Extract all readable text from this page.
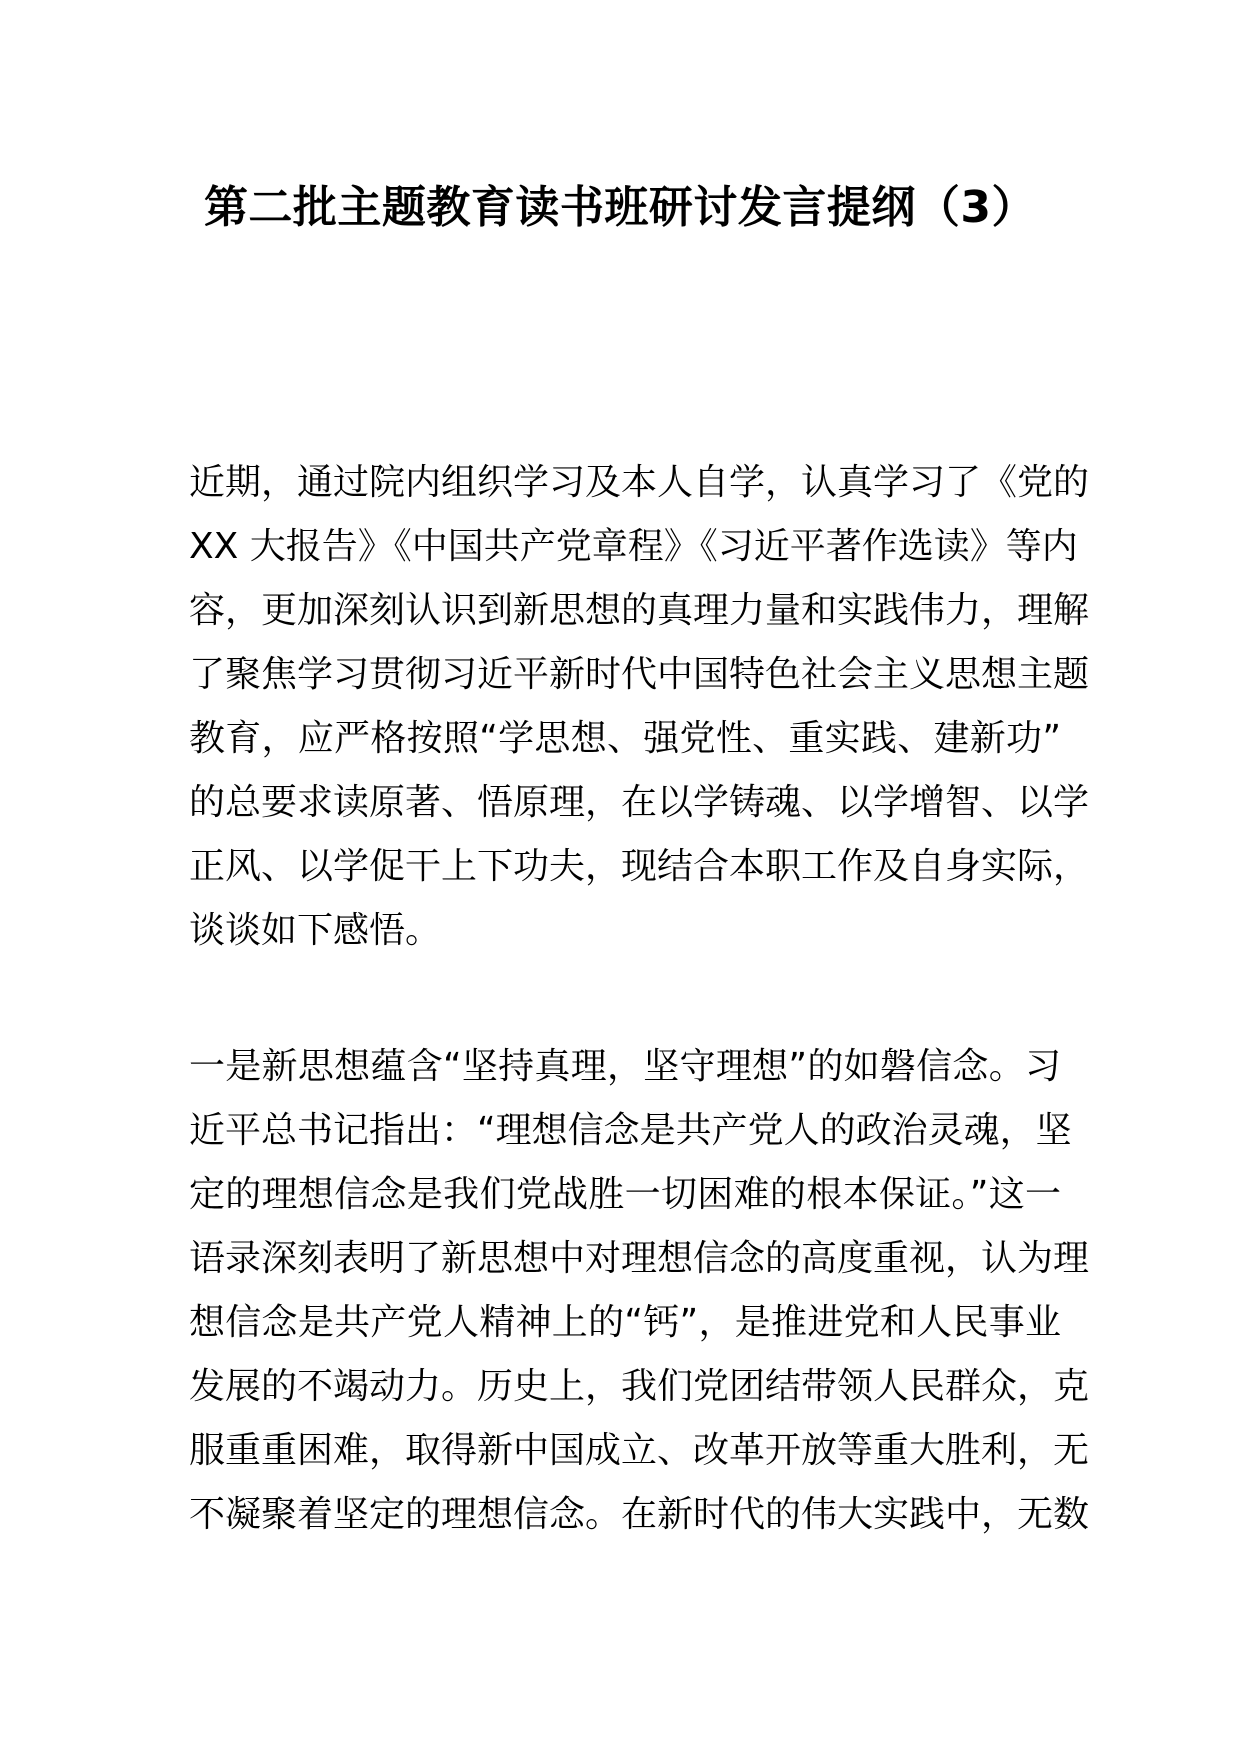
第二批主题教育读书班研讨发言提纲（3）
近期，通过院内组织学习及本人自学，认真学习了《党的
XX 大报告》《中国共产党章程》《习近平著作选读》等内
容，更加深刻认识到新思想的真理力量和实践伟力，理解
了聚焦学习贯彻习近平新时代中国特色社会主义思想主题
教育，应严格按照“学思想、强党性、重实践、建新功”
的总要求读原著、悟原理，在以学铸魂、以学增智、以学
正风、以学促干上下功夫，现结合本职工作及自身实际，
谈谈如下感悟。
一是新思想蕴含“坚持真理，坚守理想”的如磐信念。习
近平总书记指出：“理想信念是共产党人的政治灵魂，坚
定的理想信念是我们党战胜一切困难的根本保证。”这一
语录深刻表明了新思想中对理想信念的高度重视，认为理
想信念是共产党人精神上的“钙”，是推进党和人民事业
发展的不竭动力。历史上，我们党团结带领人民群众，克
服重重困难，取得新中国成立、改革开放等重大胜利，无
不凝聚着坚定的理想信念。在新时代的伟大实践中，无数
